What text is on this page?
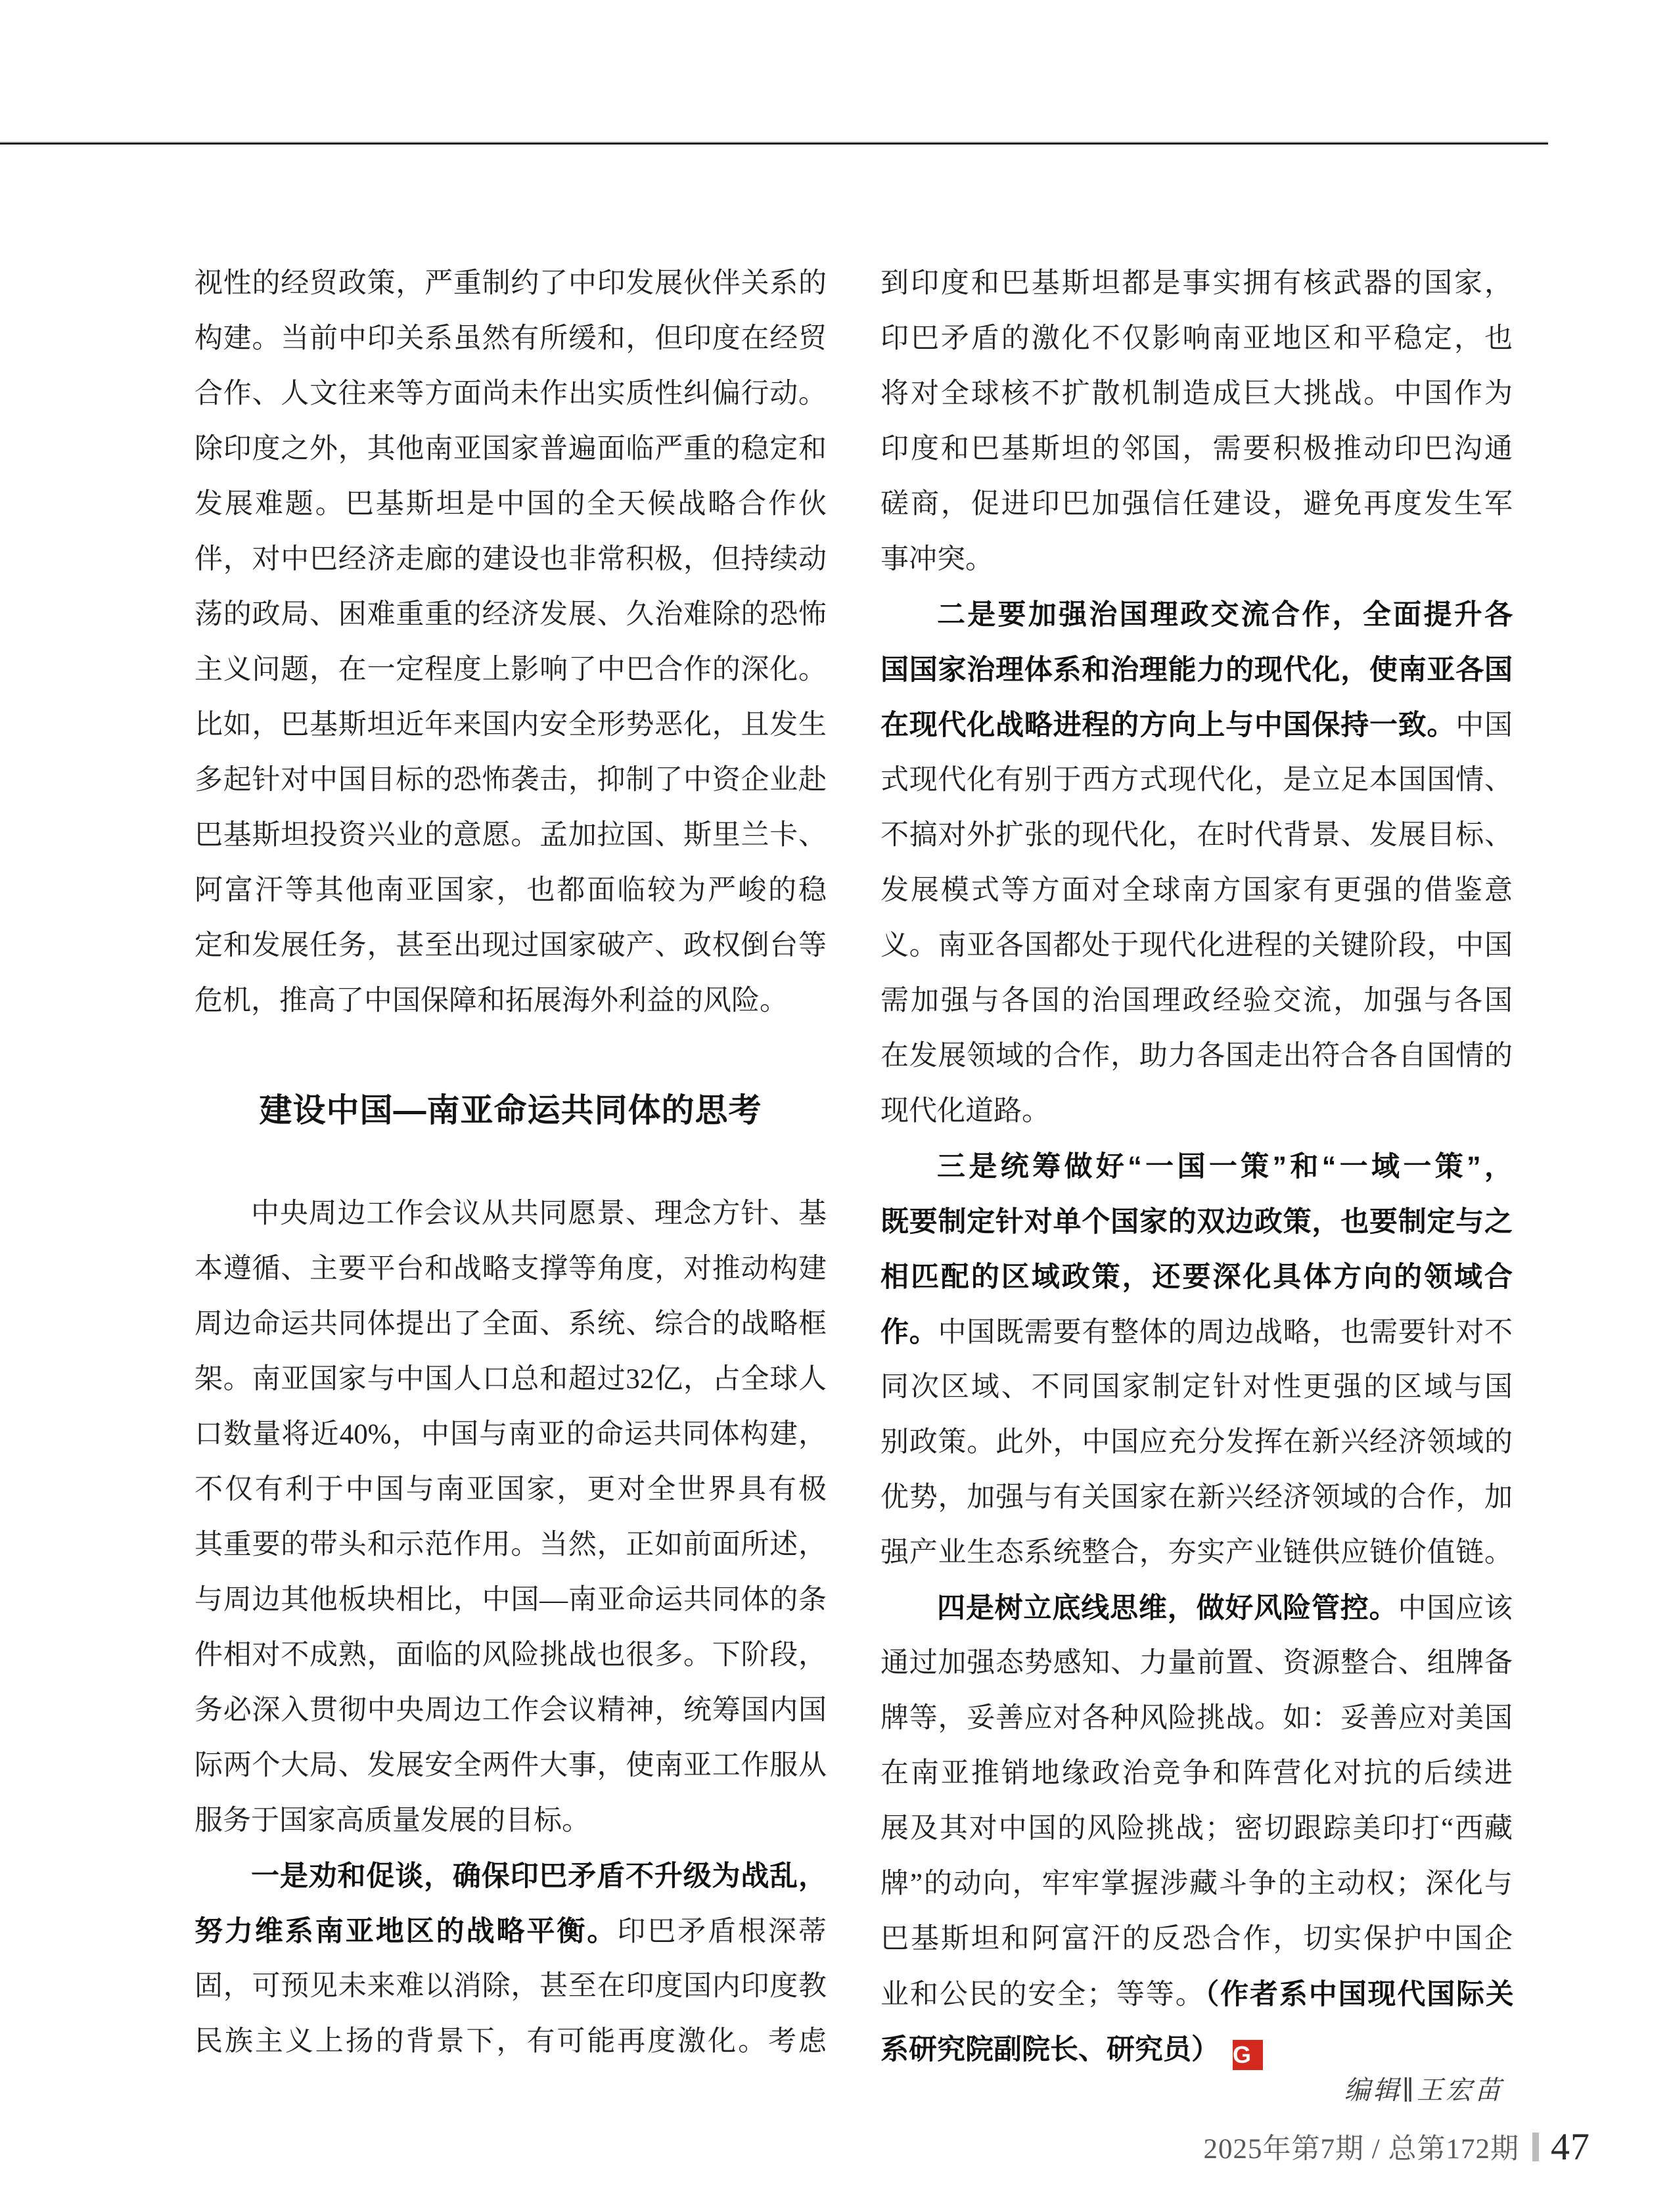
视性的经贸政策，严重制约了中印发展伙伴关系的
构建。当前中印关系虽然有所缓和，但印度在经贸
合作、人文往来等方面尚未作出实质性纠偏行动。
除印度之外，其他南亚国家普遍面临严重的稳定和
发展难题。巴基斯坦是中国的全天候战略合作伙
伴，对中巴经济走廊的建设也非常积极，但持续动
荡的政局、困难重重的经济发展、久治难除的恐怖
主义问题，在一定程度上影响了中巴合作的深化。
比如，巴基斯坦近年来国内安全形势恶化，且发生
多起针对中国目标的恐怖袭击，抑制了中资企业赴
巴基斯坦投资兴业的意愿。孟加拉国、斯里兰卡、
阿富汗等其他南亚国家，也都面临较为严峻的稳
定和发展任务，甚至出现过国家破产、政权倒台等
危机，推高了中国保障和拓展海外利益的风险。
建设中国—南亚命运共同体的思考
中央周边工作会议从共同愿景、理念方针、基
本遵循、主要平台和战略支撑等角度，对推动构建
周边命运共同体提出了全面、系统、综合的战略框
架。南亚国家与中国人口总和超过32亿，占全球人
口数量将近40%，中国与南亚的命运共同体构建，
不仅有利于中国与南亚国家，更对全世界具有极
其重要的带头和示范作用。当然，正如前面所述，
与周边其他板块相比，中国—南亚命运共同体的条
件相对不成熟，面临的风险挑战也很多。下阶段，
务必深入贯彻中央周边工作会议精神，统筹国内国
际两个大局、发展安全两件大事，使南亚工作服从
服务于国家高质量发展的目标。
一是劝和促谈，确保印巴矛盾不升级为战乱，
努力维系南亚地区的战略平衡。印巴矛盾根深蒂
固，可预见未来难以消除，甚至在印度国内印度教
民族主义上扬的背景下，有可能再度激化。考虑
到印度和巴基斯坦都是事实拥有核武器的国家，
印巴矛盾的激化不仅影响南亚地区和平稳定，也
将对全球核不扩散机制造成巨大挑战。中国作为
印度和巴基斯坦的邻国，需要积极推动印巴沟通
磋商，促进印巴加强信任建设，避免再度发生军
事冲突。
二是要加强治国理政交流合作，全面提升各
国国家治理体系和治理能力的现代化，使南亚各国
在现代化战略进程的方向上与中国保持一致。中国
式现代化有别于西方式现代化，是立足本国国情、
不搞对外扩张的现代化，在时代背景、发展目标、
发展模式等方面对全球南方国家有更强的借鉴意
义。南亚各国都处于现代化进程的关键阶段，中国
需加强与各国的治国理政经验交流，加强与各国
在发展领域的合作，助力各国走出符合各自国情的
现代化道路。
三是统筹做好“一国一策”和“一域一策”，
既要制定针对单个国家的双边政策，也要制定与之
相匹配的区域政策，还要深化具体方向的领域合
作。中国既需要有整体的周边战略，也需要针对不
同次区域、不同国家制定针对性更强的区域与国
别政策。此外，中国应充分发挥在新兴经济领域的
优势，加强与有关国家在新兴经济领域的合作，加
强产业生态系统整合，夯实产业链供应链价值链。
四是树立底线思维，做好风险管控。中国应该
通过加强态势感知、力量前置、资源整合、组牌备
牌等，妥善应对各种风险挑战。如：妥善应对美国
在南亚推销地缘政治竞争和阵营化对抗的后续进
展及其对中国的风险挑战；密切跟踪美印打“西藏
牌”的动向，牢牢掌握涉藏斗争的主动权；深化与
巴基斯坦和阿富汗的反恐合作，切实保护中国企
业和公民的安全；等等。（作者系中国现代国际关
系研究院副院长、研究员） G
编辑∥王宏苗
2025年第7期 / 总第172期 47
